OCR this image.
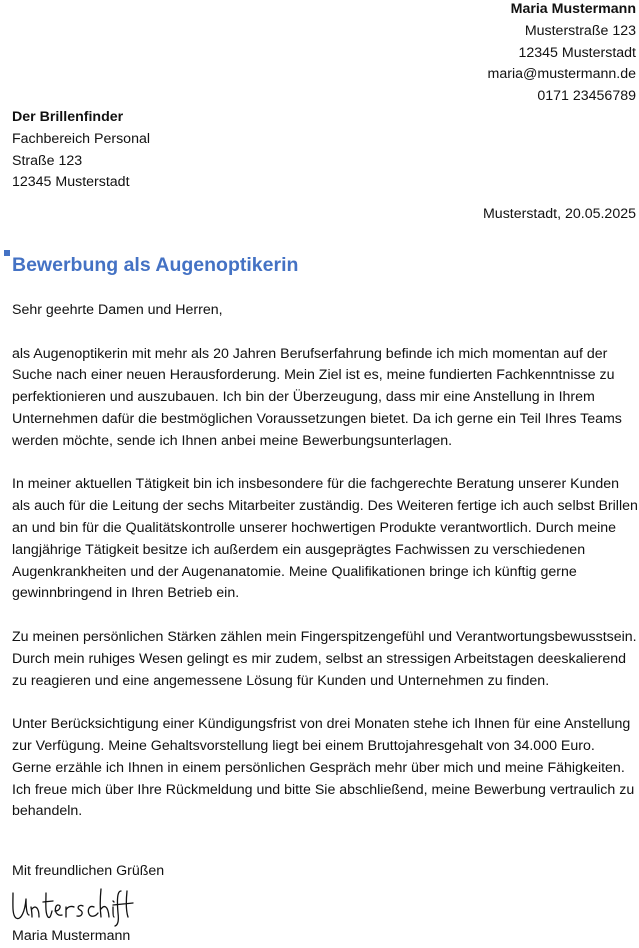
Maria Mustermann
Musterstraße 123
12345 Musterstadt
maria@mustermann.de
0171 23456789
Der Brillenfinder
Fachbereich Personal
Straße 123
12345 Musterstadt
Musterstadt, 20.05.2025
Bewerbung als Augenoptikerin

Sehr geehrte Damen und Herren,

als Augenoptikerin mit mehr als 20 Jahren Berufserfahrung befinde ich mich momentan auf der Suche nach einer neuen Herausforderung. Mein Ziel ist es, meine fundierten Fachkenntnisse zu perfektionieren und auszubauen. Ich bin der Überzeugung, dass mir eine Anstellung in Ihrem Unternehmen dafür die bestmöglichen Voraussetzungen bietet. Da ich gerne ein Teil Ihres Teams werden möchte, sende ich Ihnen anbei meine Bewerbungsunterlagen.

In meiner aktuellen Tätigkeit bin ich insbesondere für die fachgerechte Beratung unserer Kunden als auch für die Leitung der sechs Mitarbeiter zuständig. Des Weiteren fertige ich auch selbst Brillen an und bin für die Qualitätskontrolle unserer hochwertigen Produkte verantwortlich. Durch meine langjährige Tätigkeit besitze ich außerdem ein ausgeprägtes Fachwissen zu verschiedenen Augenkrankheiten und der Augenanatomie. Meine Qualifikationen bringe ich künftig gerne gewinnbringend in Ihren Betrieb ein.

Zu meinen persönlichen Stärken zählen mein Fingerspitzengefühl und Verantwortungsbewusstsein. Durch mein ruhiges Wesen gelingt es mir zudem, selbst an stressigen Arbeitstagen deeskalierend zu reagieren und eine angemessene Lösung für Kunden und Unternehmen zu finden.

Unter Berücksichtigung einer Kündigungsfrist von drei Monaten stehe ich Ihnen für eine Anstellung zur Verfügung. Meine Gehaltsvorstellung liegt bei einem Bruttojahresgehalt von 34.000 Euro. Gerne erzähle ich Ihnen in einem persönlichen Gespräch mehr über mich und meine Fähigkeiten. Ich freue mich über Ihre Rückmeldung und bitte Sie abschließend, meine Bewerbung vertraulich zu behandeln.

Mit freundlichen Grüßen
Maria Mustermann
